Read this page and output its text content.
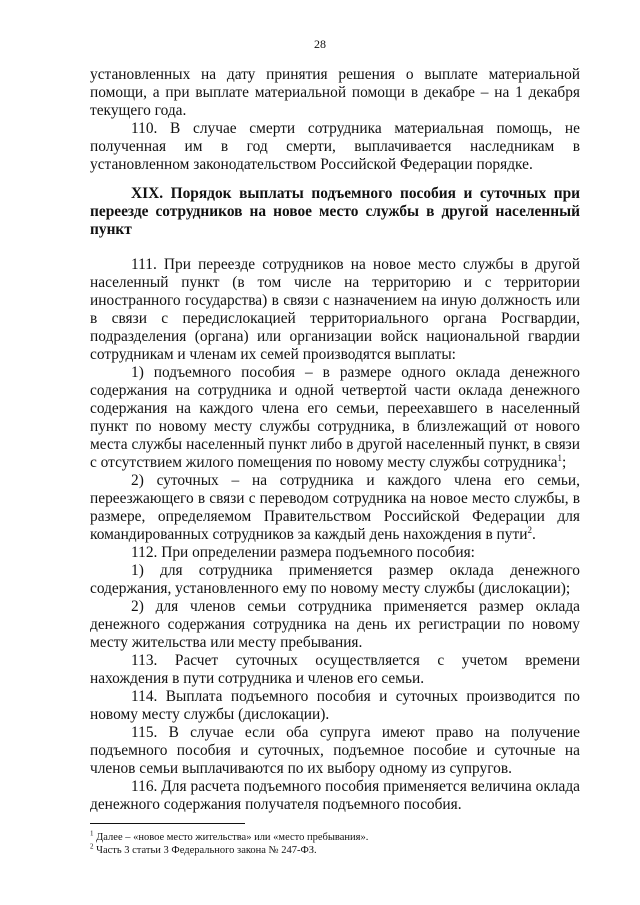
28

установленных на дату принятия решения о выплате материальной помощи, а при выплате материальной помощи в декабре – на 1 декабря текущего года.

110. В случае смерти сотрудника материальная помощь, не полученная им в год смерти, выплачивается наследникам в установленном законодательством Российской Федерации порядке.

XIX. Порядок выплаты подъемного пособия и суточных при переезде сотрудников на новое место службы в другой населенный пункт

111. При переезде сотрудников на новое место службы в другой населенный пункт (в том числе на территорию и с территории иностранного государства) в связи с назначением на иную должность или в связи с передислокацией территориального органа Росгвардии, подразделения (органа) или организации войск национальной гвардии сотрудникам и членам их семей производятся выплаты:

1) подъемного пособия – в размере одного оклада денежного содержания на сотрудника и одной четвертой части оклада денежного содержания на каждого члена его семьи, переехавшего в населенный пункт по новому месту службы сотрудника, в близлежащий от нового места службы населенный пункт либо в другой населенный пункт, в связи с отсутствием жилого помещения по новому месту службы сотрудника$^1$;

2) суточных – на сотрудника и каждого члена его семьи, переезжающего в связи с переводом сотрудника на новое место службы, в размере, определяемом Правительством Российской Федерации для командированных сотрудников за каждый день нахождения в пути$^2$.

112. При определении размера подъемного пособия:

1) для сотрудника применяется размер оклада денежного содержания, установленного ему по новому месту службы (дислокации);

2) для членов семьи сотрудника применяется размер оклада денежного содержания сотрудника на день их регистрации по новому месту жительства или месту пребывания.

113. Расчет суточных осуществляется с учетом времени нахождения в пути сотрудника и членов его семьи.

114. Выплата подъемного пособия и суточных производится по новому месту службы (дислокации).

115. В случае если оба супруга имеют право на получение подъемного пособия и суточных, подъемное пособие и суточные на членов семьи выплачиваются по их выбору одному из супругов.

116. Для расчета подъемного пособия применяется величина оклада денежного содержания получателя подъемного пособия.

$^1$ Далее – «новое место жительства» или «место пребывания».

$^2$ Часть 3 статьи 3 Федерального закона № 247-ФЗ.
